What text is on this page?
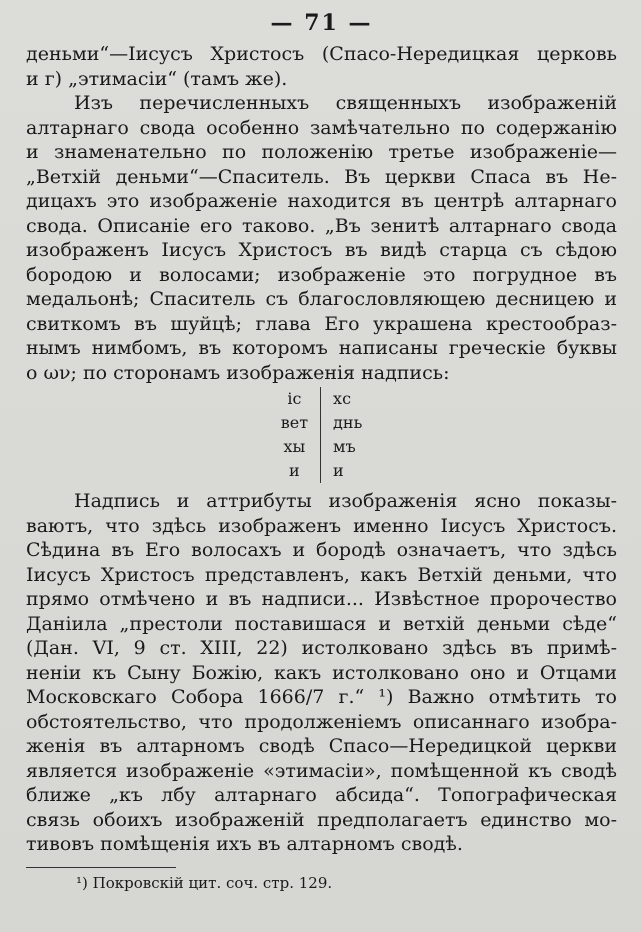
— 71 —
деньми“—Іисусъ Христосъ (Спасо-Нередицкая церковь
и г) „этимасіи“ (тамъ же).
Изъ перечисленныхъ священныхъ изображеній
алтарнаго свода особенно замѣчательно по содержанію
и знаменательно по положенію третье изображеніе—
„Ветхій деньми“—Спаситель. Въ церкви Спаса въ Не-
дицахъ это изображеніе находится въ центрѣ алтарнаго
свода. Описаніе его таково. „Въ зенитѣ алтарнаго свода
изображенъ Іисусъ Христосъ въ видѣ старца съ сѣдою
бородою и волосами; изображеніе это погрудное въ
медальонѣ; Спаситель съ благословляющею десницею и
свиткомъ въ шуйцѣ; глава Его украшена крестообраз-
нымъ нимбомъ, въ которомъ написаны греческіе буквы
ο ων; по сторонамъ изображенія надпись:
іс	хс
вет	днь
хы	мъ
и	и
Надпись и аттрибуты изображенія ясно показы-
ваютъ, что здѣсь изображенъ именно Іисусъ Христосъ.
Сѣдина въ Его волосахъ и бородѣ означаетъ, что здѣсь
Іисусъ Христосъ представленъ, какъ Ветхій деньми, что
прямо отмѣчено и въ надписи... Извѣстное пророчество
Даніила „престоли поставишася и ветхій деньми сѣде“
(Дан. VI, 9 ст. XIII, 22) истолковано здѣсь въ примѣ-
неніи къ Сыну Божію, какъ истолковано оно и Отцами
Московскаго Собора 1666/7 г.“ ¹) Важно отмѣтить то
обстоятельство, что продолженіемъ описаннаго изобра-
женія въ алтарномъ сводѣ Спасо—Нередицкой церкви
является изображеніе «этимасіи», помѣщенной къ сводѣ
ближе „къ лбу алтарнаго абсида“. Топографическая
связь обоихъ изображеній предполагаетъ единство мо-
тивовъ помѣщенія ихъ въ алтарномъ сводѣ.
¹) Покровскій цит. соч. стр. 129.
